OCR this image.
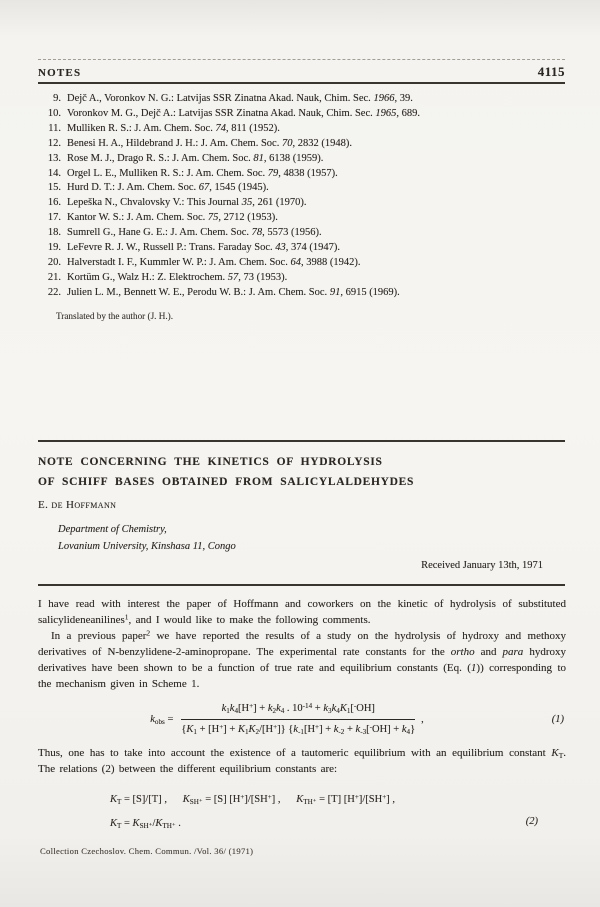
NOTES	4115
9. Dejč A., Voronkov N. G.: Latvijas SSR Zinatna Akad. Nauk, Chim. Sec. 1966, 39.
10. Voronkov M. G., Dejč A.: Latvijas SSR Zinatna Akad. Nauk, Chim. Sec. 1965, 689.
11. Mulliken R. S.: J. Am. Chem. Soc. 74, 811 (1952).
12. Benesi H. A., Hildebrand J. H.: J. Am. Chem. Soc. 70, 2832 (1948).
13. Rose M. J., Drago R. S.: J. Am. Chem. Soc. 81, 6138 (1959).
14. Orgel L. E., Mulliken R. S.: J. Am. Chem. Soc. 79, 4838 (1957).
15. Hurd D. T.: J. Am. Chem. Soc. 67, 1545 (1945).
16. Lepeška N., Chvalovsky V.: This Journal 35, 261 (1970).
17. Kantor W. S.: J. Am. Chem. Soc. 75, 2712 (1953).
18. Sumrell G., Hane G. E.: J. Am. Chem. Soc. 78, 5573 (1956).
19. LeFevre R. J. W., Russell P.: Trans. Faraday Soc. 43, 374 (1947).
20. Halverstadt I. F., Kummler W. P.: J. Am. Chem. Soc. 64, 3988 (1942).
21. Kortüm G., Walz H.: Z. Elektrochem. 57, 73 (1953).
22. Julien L. M., Bennett W. E., Perodu W. B.: J. Am. Chem. Soc. 91, 6915 (1969).
Translated by the author (J. H.).
NOTE CONCERNING THE KINETICS OF HYDROLYSIS
OF SCHIFF BASES OBTAINED FROM SALICYLALDEHYDES
E. de Hoffmann
Department of Chemistry,
Lovanium University, Kinshasa 11, Congo
Received January 13th, 1971

I have read with interest the paper of Hoffmann and coworkers on the kinetic of hydrolysis of substituted salicylideneanilines$^1$, and I would like to make the following comments.

In a previous paper$^2$ we have reported the results of a study on the hydrolysis of hydroxy and methoxy derivatives of N-benzylidene-2-aminopropane. The experimental rate constants for the ortho and para hydroxy derivatives have been shown to be a function of true rate and equilibrium constants (Eq. (1)) corresponding to the mechanism given in Scheme 1.

$k_{obs} = \frac{k_1k_4[H^+] + k_2k_4 . 10^{-14} + k_3k_4K_1[^-OH]}{\{K_1 + [H^+] + K_1K_2/[H^+]\} \{k_{-1}[H^+] + k_{-2} + k_{-3}[^-OH] + k_4\}}$ ,	(1)

Thus, one has to take into account the existence of a tautomeric equilibrium with an equilibrium constant $K_T$. The relations (2) between the different equilibrium constants are:

$K_T = [S]/[T]$ ,      $K_{SH^+} = [S]$ [H+]/[SH+] ,      $K_{TH^+} = [T]$ [H+]/[SH+] ,
$K_T = K_{SH^+}/K_{TH^+}$ .	(2)
Collection Czechoslov. Chem. Commun. /Vol. 36/ (1971)
